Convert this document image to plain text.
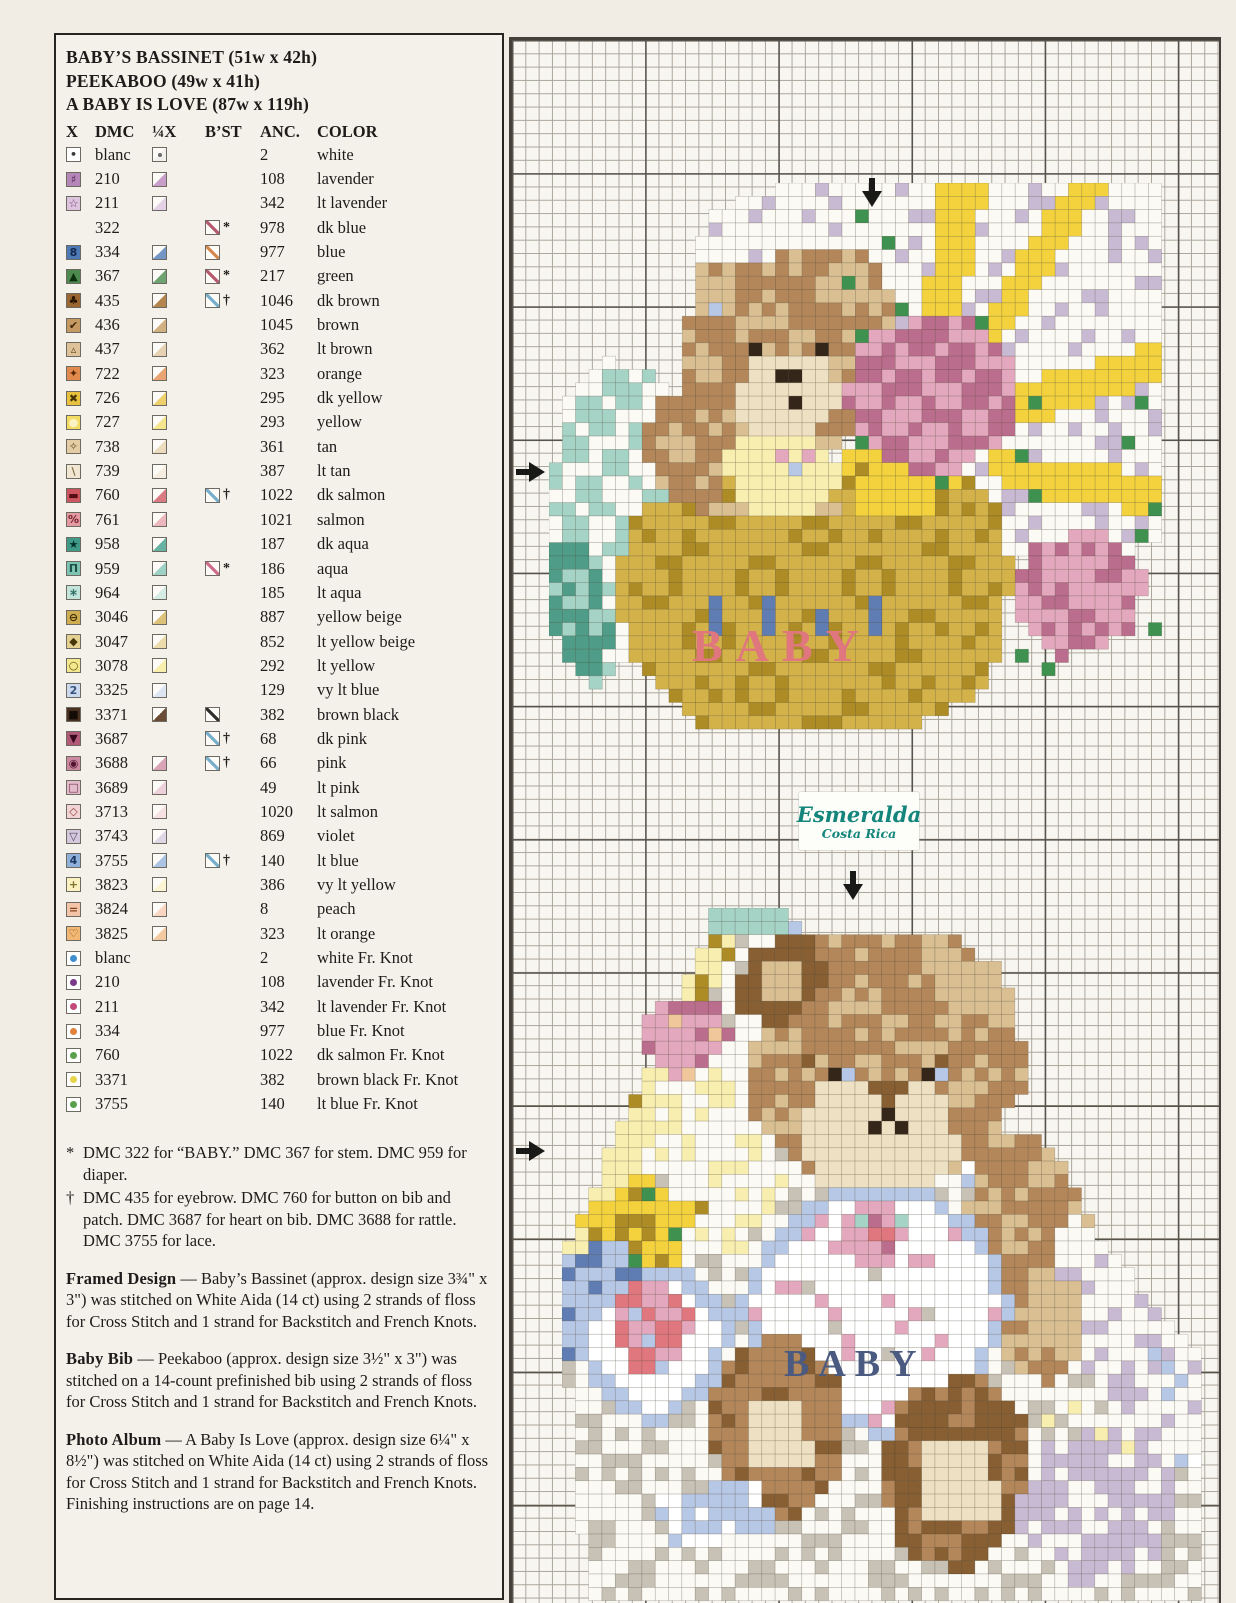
BABY’S BASSINET (51w x 42h)
PEEKABOO (49w x 41h)
A BABY IS LOVE (87w x 119h)
X	DMC	¼X	B’ST	ANC.	COLOR
• blanc	2	white
♯ 210	108	lavender
☆ 211	342	lt lavender
322	* 978	dk blue
8 334	977	blue
▲ 367	* 217	green
♣ 435	† 1046	dk brown
✔ 436	1045	brown
▵ 437	362	lt brown
✦ 722	323	orange
✖ 726	295	dk yellow
● 727	293	yellow
✧ 738	361	tan
\	739	387	lt tan
▬ 760	† 1022	dk salmon
% 761	1021	salmon
★ 958	187	dk aqua
Π 959	* 186	aqua
∗ 964	185	lt aqua
⊖ 3046	887	yellow beige
◆ 3047	852	lt yellow beige
○ 3078	292	lt yellow
2 3325	129	vy lt blue
■ 3371	382	brown black
▼ 3687	† 68	dk pink
◉ 3688	† 66	pink
□ 3689	49	lt pink
◇ 3713	1020	lt salmon
▽ 3743	869	violet
4 3755	† 140	lt blue
+ 3823	386	vy lt yellow
= 3824	8	peach
♡ 3825	323	lt orange
blanc	2	white Fr. Knot
210	108	lavender Fr. Knot
211	342	lt lavender Fr. Knot
334	977	blue Fr. Knot
760	1022	dk salmon Fr. Knot
3371	382	brown black Fr. Knot
3755	140	lt blue Fr. Knot
* DMC 322 for “BABY.” DMC 367 for stem. DMC 959 for diaper.
† DMC 435 for eyebrow. DMC 760 for button on bib and patch. DMC 3687 for heart on bib. DMC 3688 for rattle. DMC 3755 for lace.
Framed Design — Baby’s Bassinet (approx. design size 3¾" x 3") was stitched on White Aida (14 ct) using 2 strands of floss for Cross Stitch and 1 strand for Backstitch and French Knots.
Baby Bib — Peekaboo (approx. design size 3½" x 3") was stitched on a 14-count prefinished bib using 2 strands of floss for Cross Stitch and 1 strand for Backstitch and French Knots.
Photo Album — A Baby Is Love (approx. design size 6¼" x 8½") was stitched on White Aida (14 ct) using 2 strands of floss for Cross Stitch and 1 strand for Backstitch and French Knots. Finishing instructions are on page 14.
Esmeralda
Costa Rica
BABY
BABY
